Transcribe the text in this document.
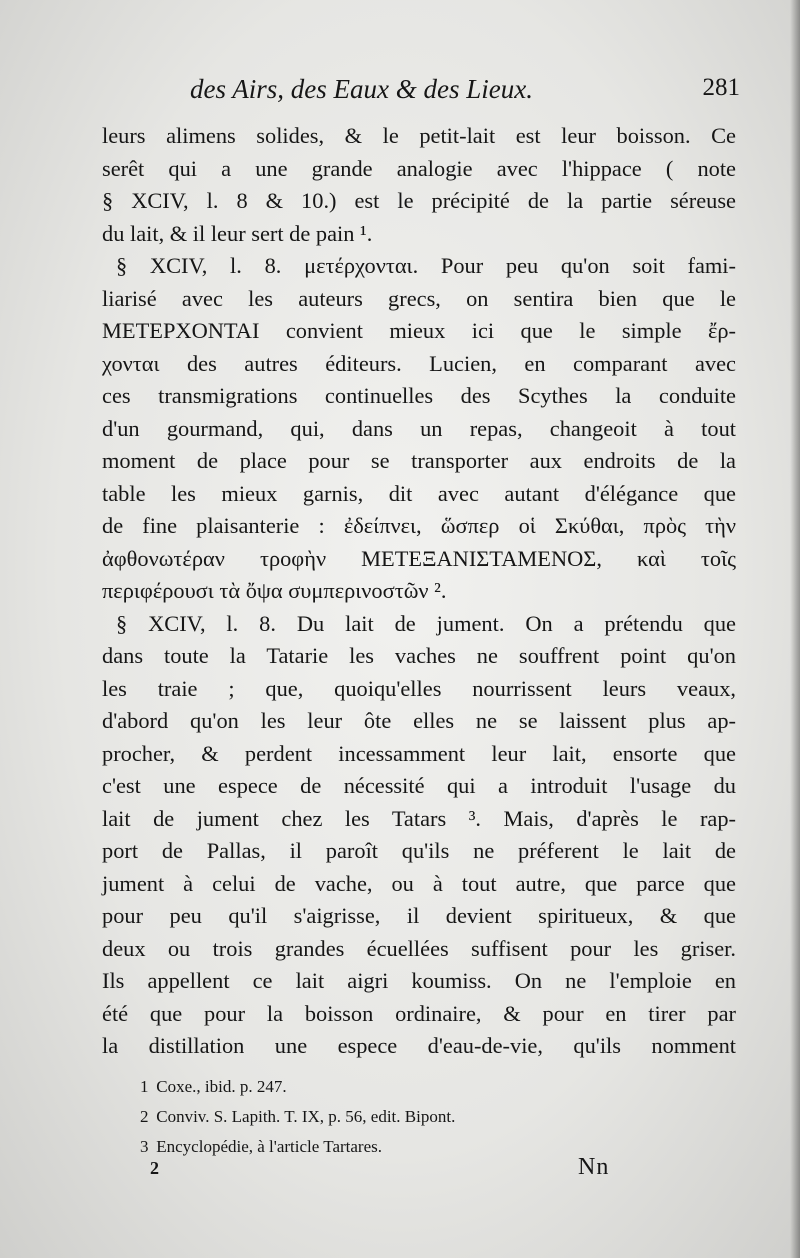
des Airs, des Eaux & des Lieux.	281
leurs alimens solides, & le petit-lait est leur boisson. Ce
serêt qui a une grande analogie avec l'hippace ( note
§ XCIV, l. 8 & 10.) est le précipité de la partie séreuse
du lait, & il leur sert de pain ¹.
§ XCIV, l. 8. μετέρχονται. Pour peu qu'on soit fami-
liarisé avec les auteurs grecs, on sentira bien que le
ΜΕΤΕΡΧΟΝΤΑΙ convient mieux ici que le simple ἔρ-
χονται des autres éditeurs. Lucien, en comparant avec
ces transmigrations continuelles des Scythes la conduite
d'un gourmand, qui, dans un repas, changeoit à tout
moment de place pour se transporter aux endroits de la
table les mieux garnis, dit avec autant d'élégance que
de fine plaisanterie : ἐδείπνει, ὥσπερ οἱ Σκύθαι, πρὸς τὴν
ἀφθονωτέραν τροφὴν ΜΕΤΕΞΑΝΙΣΤΑΜΕΝΟΣ, καὶ τοῖς
περιφέρουσι τὰ ὄψα συμπερινοστῶν ².
§ XCIV, l. 8. Du lait de jument. On a prétendu que
dans toute la Tatarie les vaches ne souffrent point qu'on
les traie ; que, quoiqu'elles nourrissent leurs veaux,
d'abord qu'on les leur ôte elles ne se laissent plus ap-
procher, & perdent incessamment leur lait, ensorte que
c'est une espece de nécessité qui a introduit l'usage du
lait de jument chez les Tatars ³. Mais, d'après le rap-
port de Pallas, il paroît qu'ils ne préferent le lait de
jument à celui de vache, ou à tout autre, que parce que
pour peu qu'il s'aigrisse, il devient spiritueux, & que
deux ou trois grandes écuellées suffisent pour les griser.
Ils appellent ce lait aigri koumiss. On ne l'emploie en
été que pour la boisson ordinaire, & pour en tirer par
la distillation une espece d'eau-de-vie, qu'ils nomment
1 Coxe., ibid. p. 247.
2 Conviv. S. Lapith. T. IX, p. 56, edit. Bipont.
3 Encyclopédie, à l'article Tartares.
2	Nn
